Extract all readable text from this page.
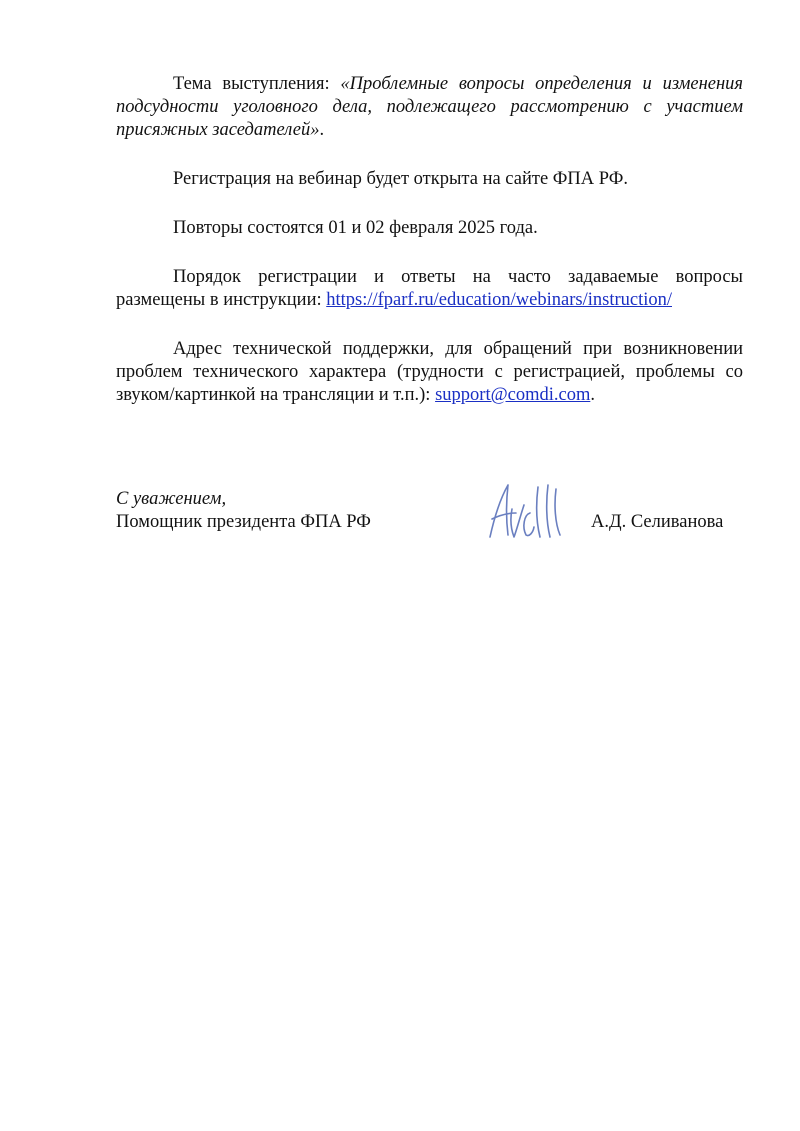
Тема выступления: «Проблемные вопросы определения и изменения подсудности уголовного дела, подлежащего рассмотрению с участием присяжных заседателей».

Регистрация на вебинар будет открыта на сайте ФПА РФ.

Повторы состоятся 01 и 02 февраля 2025 года.

Порядок регистрации и ответы на часто задаваемые вопросы размещены в инструкции: https://fparf.ru/education/webinars/instruction/

Адрес технической поддержки, для обращений при возникновении проблем технического характера (трудности с регистрацией, проблемы со звуком/картинкой на трансляции и т.п.): support@comdi.com.

С уважением,
Помощник президента ФПА РФ	А.Д. Селиванова
